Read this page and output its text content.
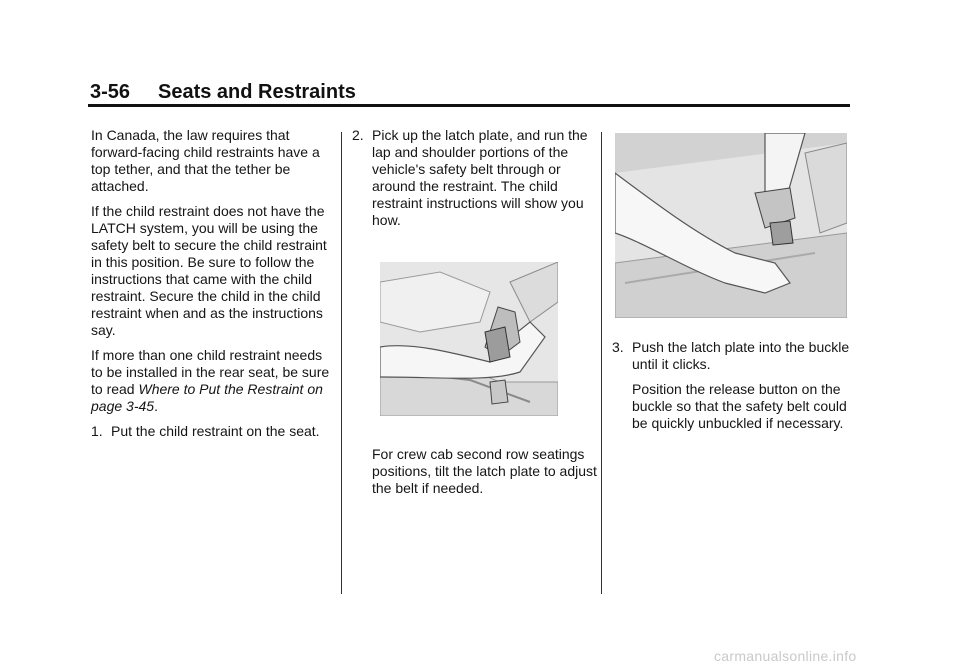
3-56 Seats and Restraints

In Canada, the law requires that forward-facing child restraints have a top tether, and that the tether be attached.

If the child restraint does not have the LATCH system, you will be using the safety belt to secure the child restraint in this position. Be sure to follow the instructions that came with the child restraint. Secure the child in the child restraint when and as the instructions say.

If more than one child restraint needs to be installed in the rear seat, be sure to read Where to Put the Restraint on page 3-45.

1. Put the child restraint on the seat.
2. Pick up the latch plate, and run the lap and shoulder portions of the vehicle's safety belt through or around the restraint. The child restraint instructions will show you how.
For crew cab second row seatings positions, tilt the latch plate to adjust the belt if needed.
3. Push the latch plate into the buckle until it clicks.

Position the release button on the buckle so that the safety belt could be quickly unbuckled if necessary.

carmanualsonline.info
